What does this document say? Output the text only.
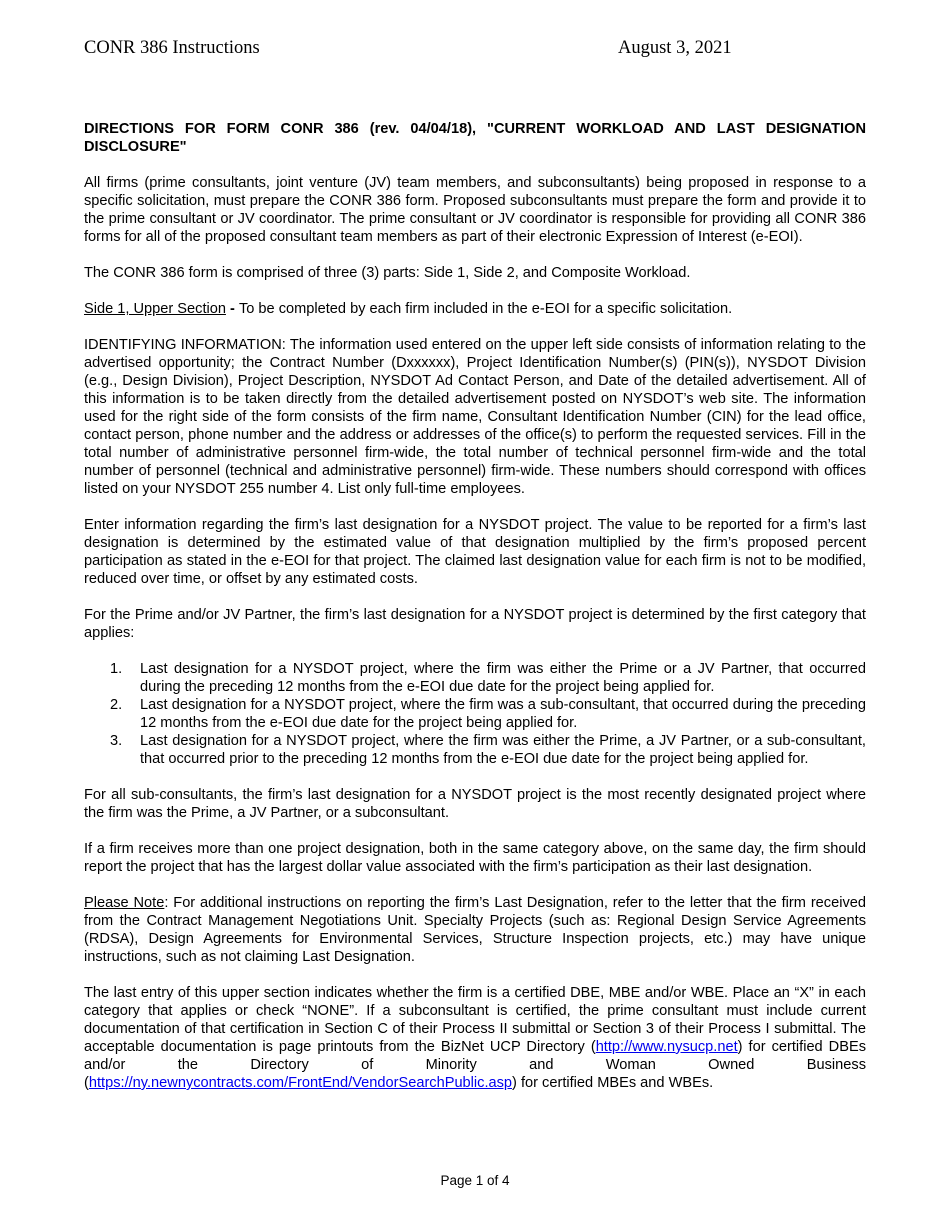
CONR 386 Instructions	August 3, 2021
DIRECTIONS FOR FORM CONR 386 (rev. 04/04/18), "CURRENT WORKLOAD AND LAST DESIGNATION DISCLOSURE"

All firms (prime consultants, joint venture (JV) team members, and subconsultants) being proposed in response to a specific solicitation, must prepare the CONR 386 form. Proposed subconsultants must prepare the form and provide it to the prime consultant or JV coordinator. The prime consultant or JV coordinator is responsible for providing all CONR 386 forms for all of the proposed consultant team members as part of their electronic Expression of Interest (e-EOI).

The CONR 386 form is comprised of three (3) parts: Side 1, Side 2, and Composite Workload.

Side 1, Upper Section - To be completed by each firm included in the e-EOI for a specific solicitation.

IDENTIFYING INFORMATION: The information used entered on the upper left side consists of information relating to the advertised opportunity; the Contract Number (Dxxxxxx), Project Identification Number(s) (PIN(s)), NYSDOT Division (e.g., Design Division), Project Description, NYSDOT Ad Contact Person, and Date of the detailed advertisement. All of this information is to be taken directly from the detailed advertisement posted on NYSDOT’s web site. The information used for the right side of the form consists of the firm name, Consultant Identification Number (CIN) for the lead office, contact person, phone number and the address or addresses of the office(s) to perform the requested services. Fill in the total number of administrative personnel firm-wide, the total number of technical personnel firm-wide and the total number of personnel (technical and administrative personnel) firm-wide. These numbers should correspond with offices listed on your NYSDOT 255 number 4. List only full-time employees.

Enter information regarding the firm’s last designation for a NYSDOT project. The value to be reported for a firm’s last designation is determined by the estimated value of that designation multiplied by the firm’s proposed percent participation as stated in the e-EOI for that project. The claimed last designation value for each firm is not to be modified, reduced over time, or offset by any estimated costs.

For the Prime and/or JV Partner, the firm’s last designation for a NYSDOT project is determined by the first category that applies:

1. Last designation for a NYSDOT project, where the firm was either the Prime or a JV Partner, that occurred during the preceding 12 months from the e-EOI due date for the project being applied for.
2. Last designation for a NYSDOT project, where the firm was a sub-consultant, that occurred during the preceding 12 months from the e-EOI due date for the project being applied for.
3. Last designation for a NYSDOT project, where the firm was either the Prime, a JV Partner, or a sub-consultant, that occurred prior to the preceding 12 months from the e-EOI due date for the project being applied for.

For all sub-consultants, the firm’s last designation for a NYSDOT project is the most recently designated project where the firm was the Prime, a JV Partner, or a subconsultant.

If a firm receives more than one project designation, both in the same category above, on the same day, the firm should report the project that has the largest dollar value associated with the firm’s participation as their last designation.

Please Note: For additional instructions on reporting the firm’s Last Designation, refer to the letter that the firm received from the Contract Management Negotiations Unit. Specialty Projects (such as: Regional Design Service Agreements (RDSA), Design Agreements for Environmental Services, Structure Inspection projects, etc.) may have unique instructions, such as not claiming Last Designation.

The last entry of this upper section indicates whether the firm is a certified DBE, MBE and/or WBE. Place an “X” in each category that applies or check “NONE”. If a subconsultant is certified, the prime consultant must include current documentation of that certification in Section C of their Process II submittal or Section 3 of their Process I submittal. The acceptable documentation is page printouts from the BizNet UCP Directory (http://www.nysucp.net) for certified DBEs and/or the Directory of Minority and Woman Owned Business (https://ny.newnycontracts.com/FrontEnd/VendorSearchPublic.asp) for certified MBEs and WBEs.

Page 1 of 4
